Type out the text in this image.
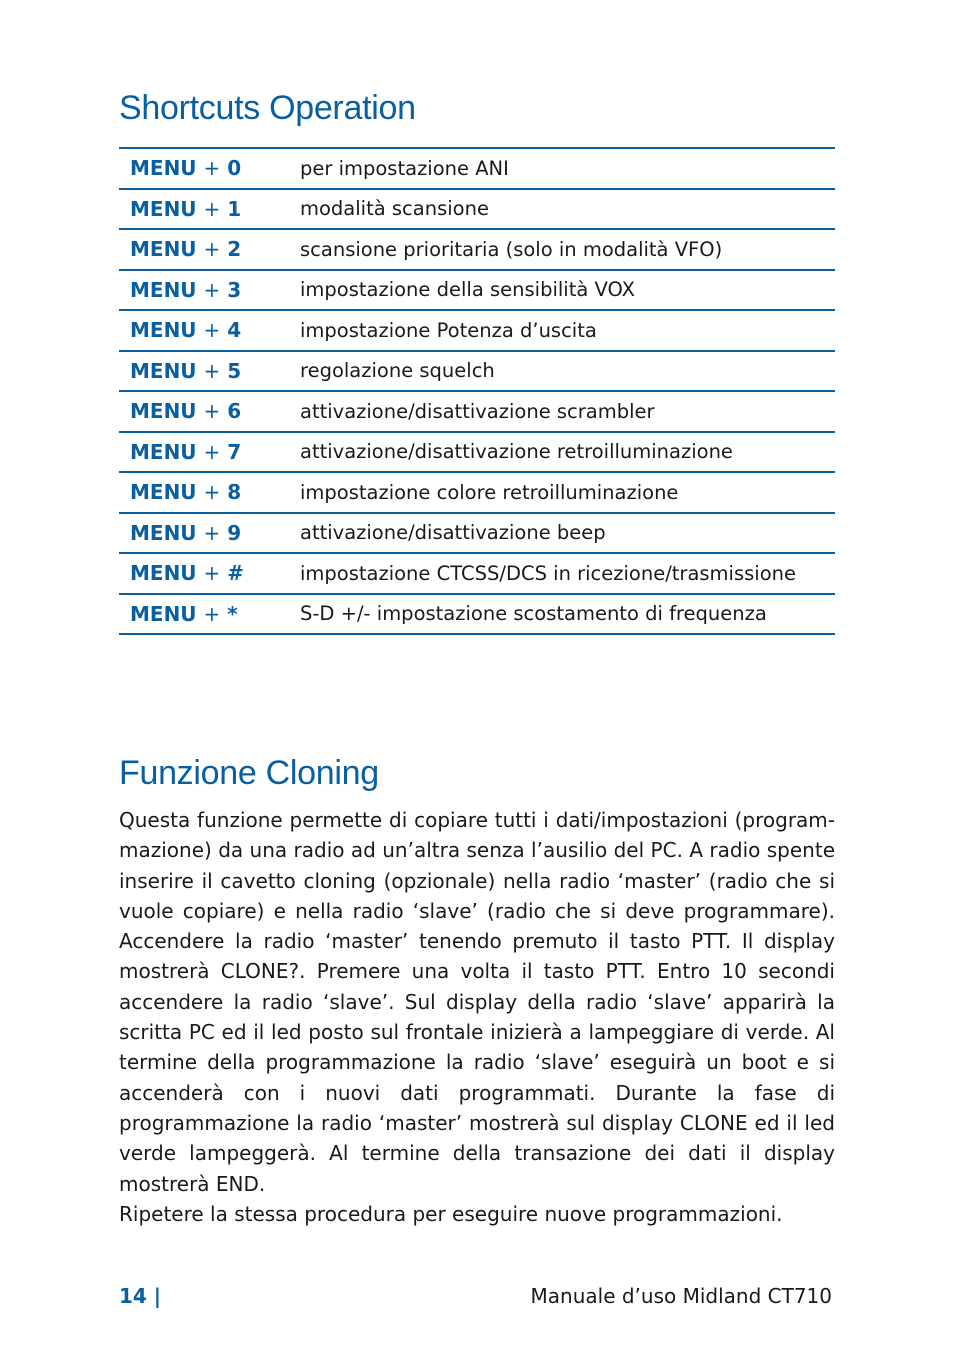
Shortcuts Operation
MENU + 0	per impostazione ANI
MENU + 1	modalità scansione
MENU + 2	scansione prioritaria (solo in modalità VFO)
MENU + 3	impostazione della sensibilità VOX
MENU + 4	impostazione Potenza d’uscita
MENU + 5	regolazione squelch
MENU + 6	attivazione/disattivazione scrambler
MENU + 7	attivazione/disattivazione retroilluminazione
MENU + 8	impostazione colore retroilluminazione
MENU + 9	attivazione/disattivazione beep
MENU + #	impostazione CTCSS/DCS in ricezione/trasmissione
MENU + *	S-D +/- impostazione scostamento di frequenza
Funzione Cloning

Questa funzione permette di copiare tutti i dati/impostazioni (programmazione) da una radio ad un’altra senza l’ausilio del PC. A radio spente inserire il cavetto cloning (opzionale) nella radio ‘master’ (radio che si vuole copiare) e nella radio ‘slave’ (radio che si deve programmare). Accendere la radio ‘master’ tenendo premuto il tasto PTT. Il display mostrerà CLONE?. Premere una volta il tasto PTT. Entro 10 secondi accendere la radio ‘slave’. Sul display della radio ‘slave’ apparirà la scritta PC ed il led posto sul frontale inizierà a lampeggiare di verde. Al termine della programmazione la radio ‘slave’ eseguirà un boot e si accenderà con i nuovi dati programmati. Durante la fase di programmazione la radio ‘master’ mostrerà sul display CLONE ed il led verde lampeggerà. Al termine della transazione dei dati il display mostrerà END.

Ripetere la stessa procedura per eseguire nuove programmazioni.

14 |	Manuale d’uso Midland CT710
